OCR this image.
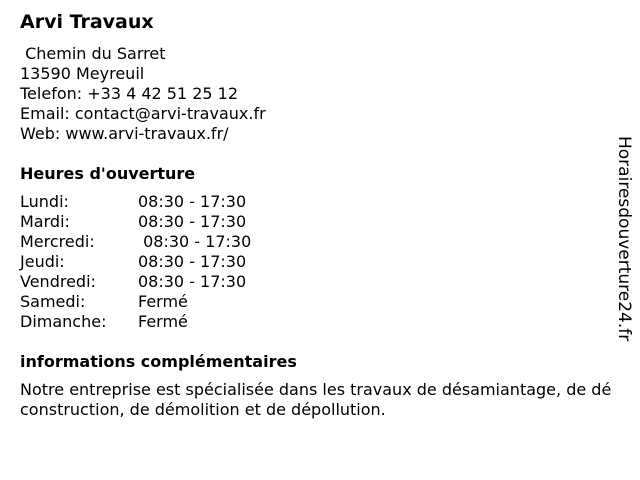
Arvi Travaux
Chemin du Sarret
13590 Meyreuil
Telefon: +33 4 42 51 25 12
Email: contact@arvi-travaux.fr
Web: www.arvi-travaux.fr/
Heures d'ouverture
Lundi:	08:30 - 17:30
Mardi:	08:30 - 17:30
Mercredi:	08:30 - 17:30
Jeudi:	08:30 - 17:30
Vendredi:	08:30 - 17:30
Samedi:	Fermé
Dimanche:	Fermé
informations complémentaires
Notre entreprise est spécialisée dans les travaux de désamiantage, de déconstruction, de démolition et de dépollution.
Horairesdouverture24.fr
